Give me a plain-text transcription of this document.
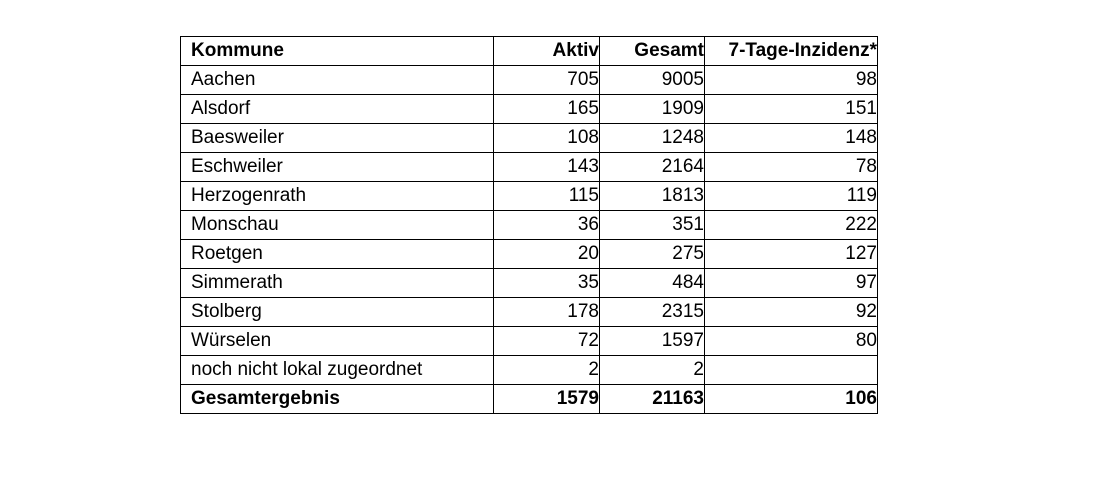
Kommune	Aktiv	Gesamt	7-Tage-Inzidenz*
Aachen	705	9005	98
Alsdorf	165	1909	151
Baesweiler	108	1248	148
Eschweiler	143	2164	78
Herzogenrath	115	1813	119
Monschau	36	351	222
Roetgen	20	275	127
Simmerath	35	484	97
Stolberg	178	2315	92
Würselen	72	1597	80
noch nicht lokal zugeordnet	2	2	
Gesamtergebnis	1579	21163	106
